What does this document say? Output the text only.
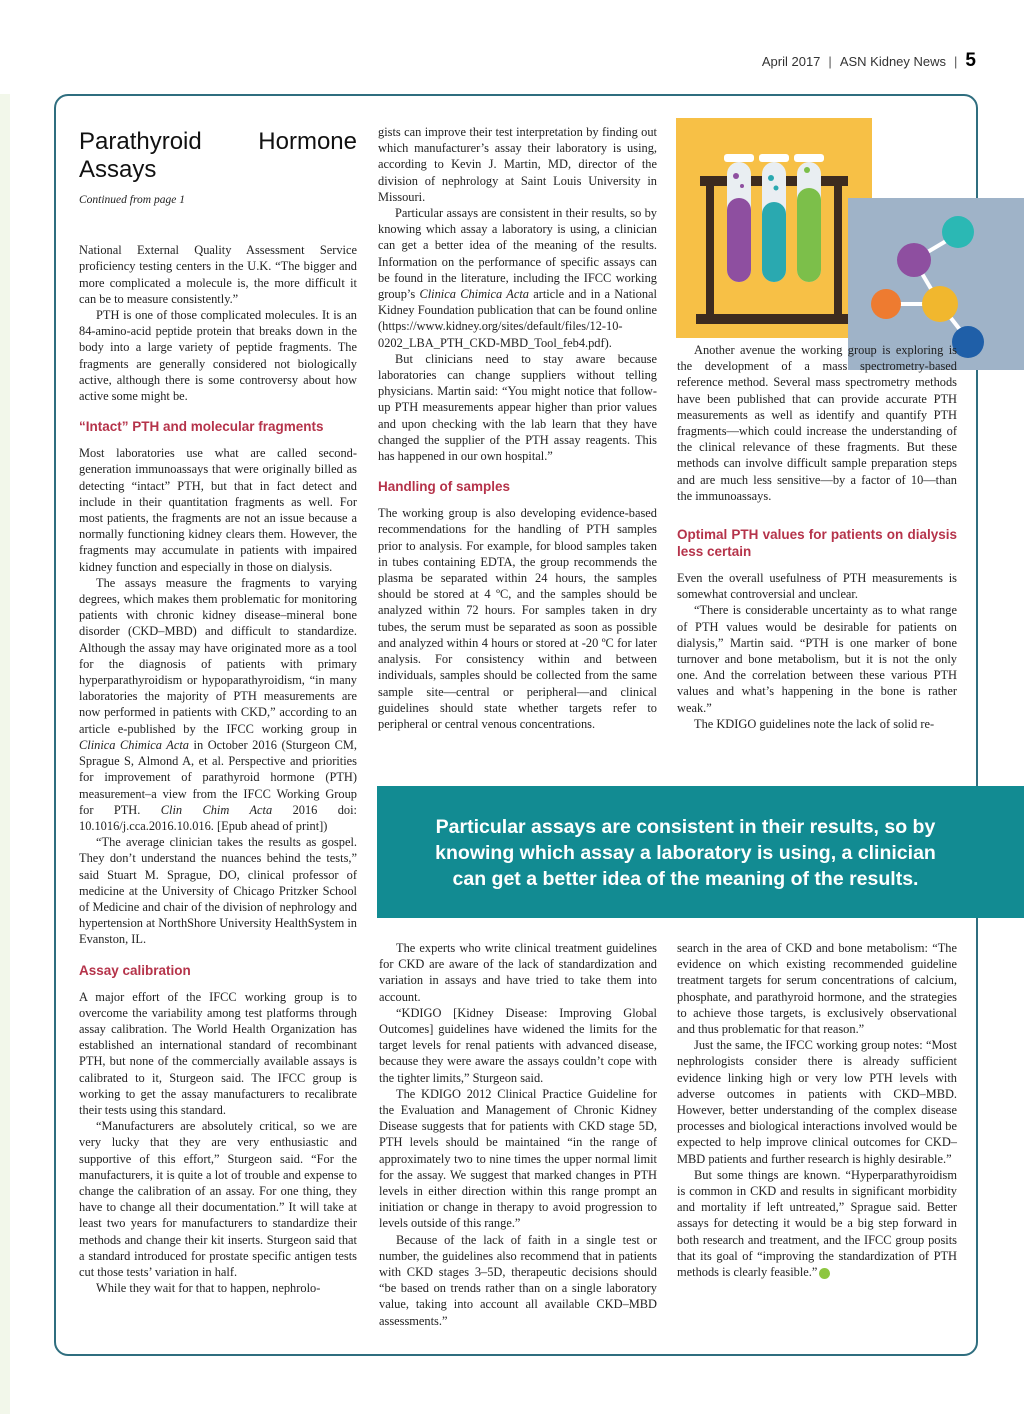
April 2017 | ASN Kidney News | 5
Parathyroid Hormone Assays
Continued from page 1

National External Quality Assessment Service proficiency testing centers in the U.K. “The bigger and more complicated a molecule is, the more difficult it can be to measure consistently.”

PTH is one of those complicated molecules. It is an 84-amino-acid peptide protein that breaks down in the body into a large variety of peptide fragments. The fragments are generally considered not biologically active, although there is some controversy about how active some might be.

“Intact” PTH and molecular fragments

Most laboratories use what are called second-generation immunoassays that were originally billed as detecting “intact” PTH, but that in fact detect and include in their quantitation fragments as well. For most patients, the fragments are not an issue because a normally functioning kidney clears them. However, the fragments may accumulate in patients with impaired kidney function and especially in those on dialysis.

The assays measure the fragments to varying degrees, which makes them problematic for monitoring patients with chronic kidney disease–mineral bone disorder (CKD–MBD) and difficult to standardize. Although the assay may have originated more as a tool for the diagnosis of patients with primary hyperparathyroidism or hypoparathyroidism, “in many laboratories the majority of PTH measurements are now performed in patients with CKD,” according to an article e-published by the IFCC working group in Clinica Chimica Acta in October 2016 (Sturgeon CM, Sprague S, Almond A, et al. Perspective and priorities for improvement of parathyroid hormone (PTH) measurement–a view from the IFCC Working Group for PTH. Clin Chim Acta 2016 doi: 10.1016/j.cca.2016.10.016. [Epub ahead of print])

“The average clinician takes the results as gospel. They don’t understand the nuances behind the tests,” said Stuart M. Sprague, DO, clinical professor of medicine at the University of Chicago Pritzker School of Medicine and chair of the division of nephrology and hypertension at NorthShore University HealthSystem in Evanston, IL.

Assay calibration

A major effort of the IFCC working group is to overcome the variability among test platforms through assay calibration. The World Health Organization has established an international standard of recombinant PTH, but none of the commercially available assays is calibrated to it, Sturgeon said. The IFCC group is working to get the assay manufacturers to recalibrate their tests using this standard.

“Manufacturers are absolutely critical, so we are very lucky that they are very enthusiastic and supportive of this effort,” Sturgeon said. “For the manufacturers, it is quite a lot of trouble and expense to change the calibration of an assay. For one thing, they have to change all their documentation.” It will take at least two years for manufacturers to standardize their methods and change their kit inserts. Sturgeon said that a standard introduced for prostate specific antigen tests cut those tests’ variation in half.

While they wait for that to happen, nephrolo-

gists can improve their test interpretation by finding out which manufacturer’s assay their laboratory is using, according to Kevin J. Martin, MD, director of the division of nephrology at Saint Louis University in Missouri.

Particular assays are consistent in their results, so by knowing which assay a laboratory is using, a clinician can get a better idea of the meaning of the results. Information on the performance of specific assays can be found in the literature, including the IFCC working group’s Clinica Chimica Acta article and in a National Kidney Foundation publication that can be found online (https://www.kidney.org/sites/default/files/12-10-0202_LBA_PTH_CKD-MBD_Tool_feb4.pdf).

But clinicians need to stay aware because laboratories can change suppliers without telling physicians. Martin said: “You might notice that follow-up PTH measurements appear higher than prior values and upon checking with the lab learn that they have changed the supplier of the PTH assay reagents. This has happened in our own hospital.”

Handling of samples

The working group is also developing evidence-based recommendations for the handling of PTH samples prior to analysis. For example, for blood samples taken in tubes containing EDTA, the group recommends the plasma be separated within 24 hours, the samples should be stored at 4 ºC, and the samples should be analyzed within 72 hours. For samples taken in dry tubes, the serum must be separated as soon as possible and analyzed within 4 hours or stored at -20 ºC for later analysis. For consistency within and between individuals, samples should be collected from the same sample site—central or peripheral—and clinical guidelines should state whether targets refer to peripheral or central venous concentrations.

Another avenue the working group is exploring is the development of a mass spectrometry-based reference method. Several mass spectrometry methods have been published that can provide accurate PTH measurements as well as identify and quantify PTH fragments—which could increase the understanding of the clinical relevance of these fragments. But these methods can involve difficult sample preparation steps and are much less sensitive—by a factor of 10—than the immunoassays.

Optimal PTH values for patients on dialysis less certain

Even the overall usefulness of PTH measurements is somewhat controversial and unclear.

“There is considerable uncertainty as to what range of PTH values would be desirable for patients on dialysis,” Martin said. “PTH is one marker of bone turnover and bone metabolism, but it is not the only one. And the correlation between these various PTH values and what’s happening in the bone is rather weak.”

The KDIGO guidelines note the lack of solid re-

Particular assays are consistent in their results, so by knowing which assay a laboratory is using, a clinician can get a better idea of the meaning of the results.

The experts who write clinical treatment guidelines for CKD are aware of the lack of standardization and variation in assays and have tried to take them into account.

“KDIGO [Kidney Disease: Improving Global Outcomes] guidelines have widened the limits for the target levels for renal patients with advanced disease, because they were aware the assays couldn’t cope with the tighter limits,” Sturgeon said.

The KDIGO 2012 Clinical Practice Guideline for the Evaluation and Management of Chronic Kidney Disease suggests that for patients with CKD stage 5D, PTH levels should be maintained “in the range of approximately two to nine times the upper normal limit for the assay. We suggest that marked changes in PTH levels in either direction within this range prompt an initiation or change in therapy to avoid progression to levels outside of this range.”

Because of the lack of faith in a single test or number, the guidelines also recommend that in patients with CKD stages 3–5D, therapeutic decisions should “be based on trends rather than on a single laboratory value, taking into account all available CKD–MBD assessments.”

search in the area of CKD and bone metabolism: “The evidence on which existing recommended guideline treatment targets for serum concentrations of calcium, phosphate, and parathyroid hormone, and the strategies to achieve those targets, is exclusively observational and thus problematic for that reason.”

Just the same, the IFCC working group notes: “Most nephrologists consider there is already sufficient evidence linking high or very low PTH levels with adverse outcomes in patients with CKD–MBD. However, better understanding of the complex disease processes and biological interactions involved would be expected to help improve clinical outcomes for CKD–MBD patients and further research is highly desirable.”

But some things are known. “Hyperparathyroidism is common in CKD and results in significant morbidity and mortality if left untreated,” Sprague said. Better assays for detecting it would be a big step forward in both research and treatment, and the IFCC group posits that its goal of “improving the standardization of PTH methods is clearly feasible.”
